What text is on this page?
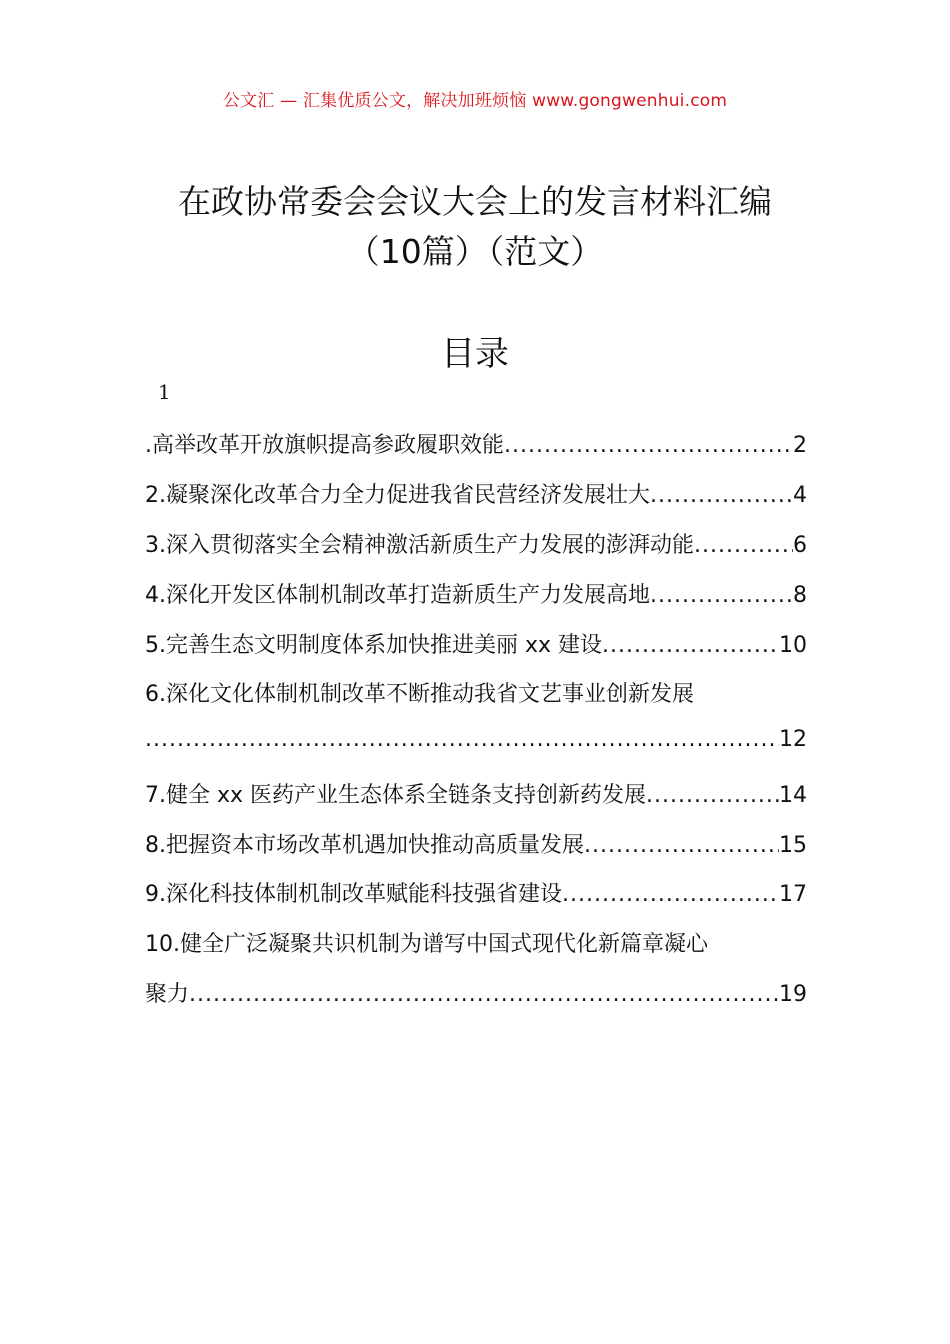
公文汇 — 汇集优质公文，解决加班烦恼 www.gongwenhui.com
在政协常委会会议大会上的发言材料汇编
（10篇）（范文）
目录
1
.高举改革开放旗帜提高参政履职效能 .....	2
2.凝聚深化改革合力全力促进我省民营经济发展壮大 .....	4
3.深入贯彻落实全会精神激活新质生产力发展的澎湃动能 .....	6
4.深化开发区体制机制改革打造新质生产力发展高地 .....	8
5.完善生态文明制度体系加快推进美丽 xx 建设 .....	10
6.深化文化体制机制改革不断推动我省文艺事业创新发展
.....
12
7.健全 xx 医药产业生态体系全链条支持创新药发展 .....	14
8.把握资本市场改革机遇加快推动高质量发展 .....	15
9.深化科技体制机制改革赋能科技强省建设 .....	17
10.健全广泛凝聚共识机制为谱写中国式现代化新篇章凝心
聚力 .....	19
